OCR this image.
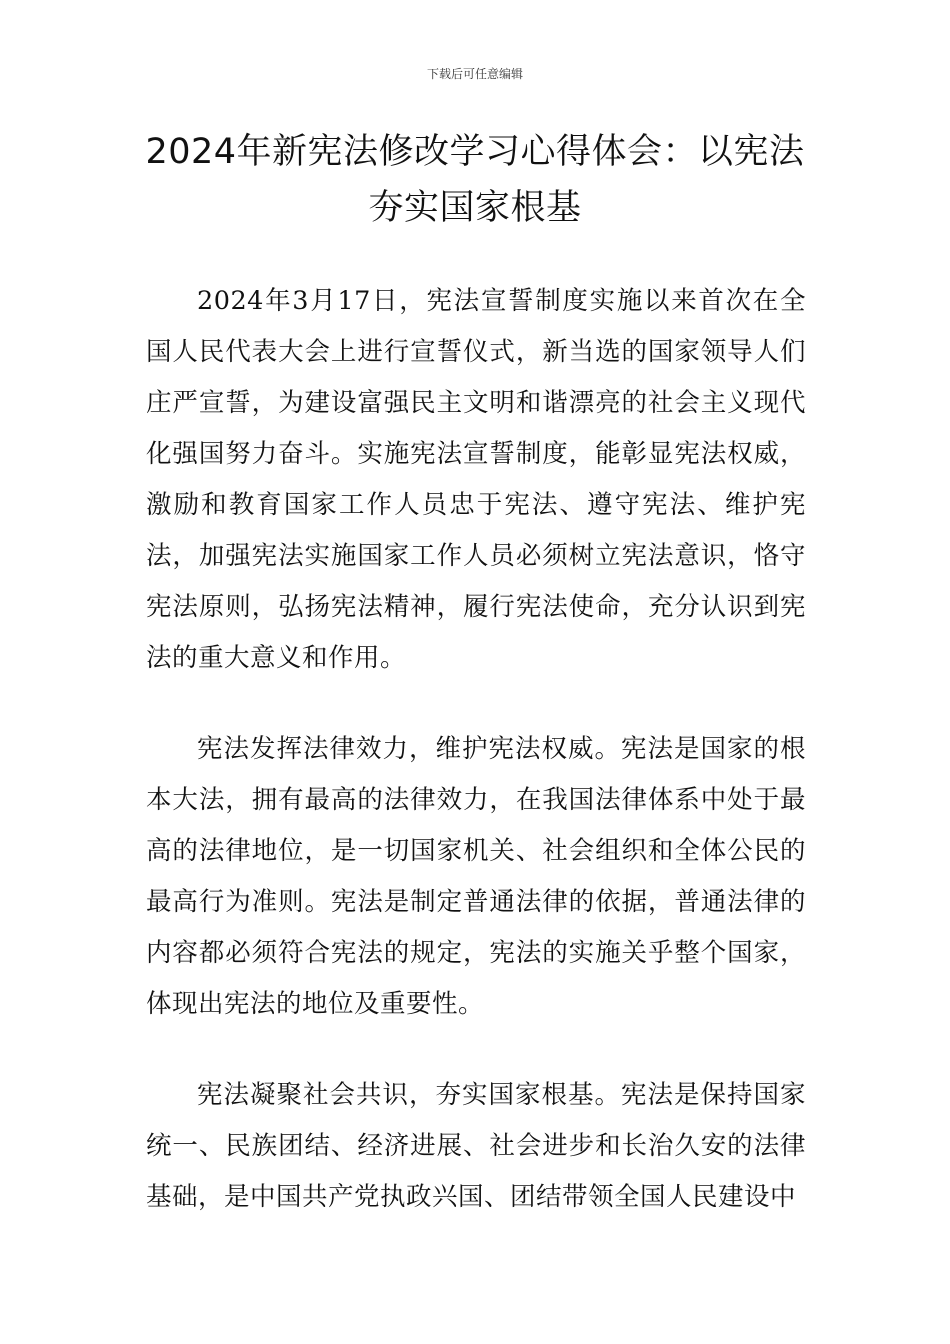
下载后可任意编辑
2024年新宪法修改学习心得体会：以宪法
夯实国家根基

2024年3月17日，宪法宣誓制度实施以来首次在全国人民代表大会上进行宣誓仪式，新当选的国家领导人们庄严宣誓，为建设富强民主文明和谐漂亮的社会主义现代化强国努力奋斗。实施宪法宣誓制度，能彰显宪法权威，激励和教育国家工作人员忠于宪法、遵守宪法、维护宪法，加强宪法实施国家工作人员必须树立宪法意识，恪守宪法原则，弘扬宪法精神，履行宪法使命，充分认识到宪法的重大意义和作用。

宪法发挥法律效力，维护宪法权威。宪法是国家的根本大法，拥有最高的法律效力，在我国法律体系中处于最高的法律地位，是一切国家机关、社会组织和全体公民的最高行为准则。宪法是制定普通法律的依据，普通法律的内容都必须符合宪法的规定，宪法的实施关乎整个国家，体现出宪法的地位及重要性。

宪法凝聚社会共识，夯实国家根基。宪法是保持国家统一、民族团结、经济进展、社会进步和长治久安的法律基础，是中国共产党执政兴国、团结带领全国人民建设中
